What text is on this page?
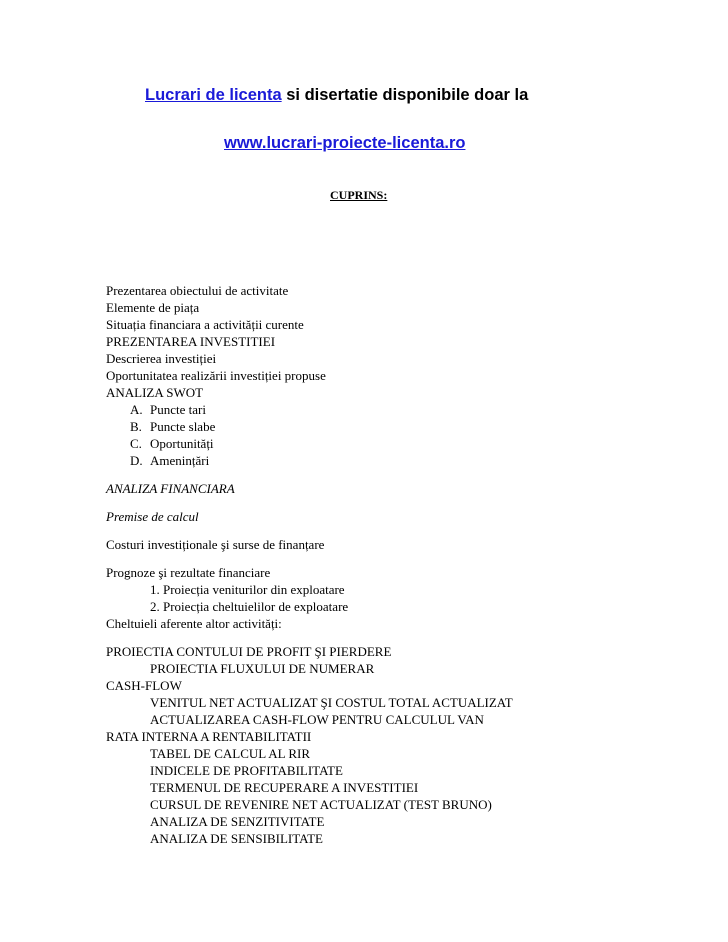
Lucrari de licenta si disertatie disponibile doar la
www.lucrari-proiecte-licenta.ro
CUPRINS:
Prezentarea obiectului de activitate
Elemente de piața
Situația financiara a activității curente
PREZENTAREA INVESTITIEI
Descrierea investiției
Oportunitatea realizării investiției propuse
ANALIZA SWOT
A. Puncte tari
B. Puncte slabe
C. Oportunități
D. Amenințări
ANALIZA FINANCIARA
Premise de calcul
Costuri investiționale şi surse de finanțare
Prognoze şi rezultate financiare
1. Proiecția veniturilor din exploatare
2. Proiecția cheltuielilor de exploatare
Cheltuieli aferente altor activități:
PROIECTIA CONTULUI DE PROFIT ŞI PIERDERE
PROIECTIA FLUXULUI DE NUMERAR
CASH-FLOW
VENITUL NET ACTUALIZAT ŞI COSTUL TOTAL ACTUALIZAT
ACTUALIZAREA CASH-FLOW PENTRU CALCULUL VAN
RATA INTERNA A RENTABILITATII
TABEL DE CALCUL AL RIR
INDICELE DE PROFITABILITATE
TERMENUL DE RECUPERARE A INVESTITIEI
CURSUL DE REVENIRE NET ACTUALIZAT (TEST BRUNO)
ANALIZA DE SENZITIVITATE
ANALIZA DE SENSIBILITATE
